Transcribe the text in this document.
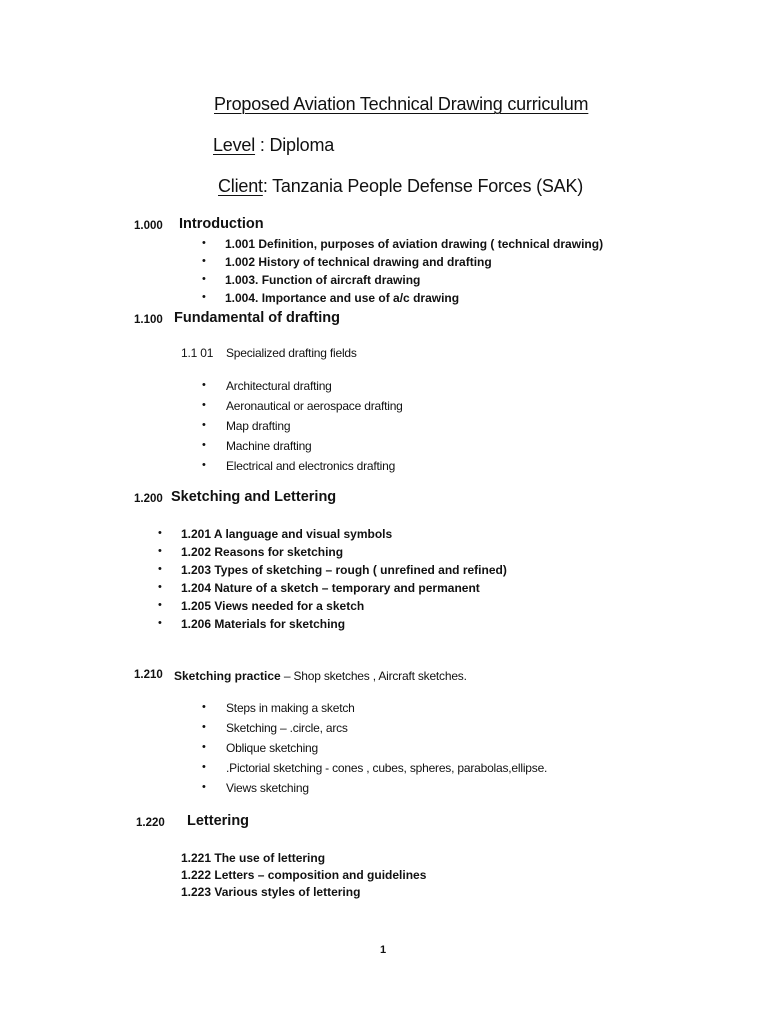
Proposed Aviation Technical Drawing curriculum
Level : Diploma
Client: Tanzania People Defense Forces (SAK)
1.000 Introduction
• 1.001 Definition, purposes of aviation drawing ( technical drawing)
• 1.002 History of technical drawing and drafting
• 1.003. Function of aircraft drawing
• 1.004. Importance and use of a/c drawing
1.100 Fundamental of drafting
1.1 01 Specialized drafting fields
• Architectural drafting
• Aeronautical or aerospace drafting
• Map drafting
• Machine drafting
• Electrical and electronics drafting
1.200 Sketching and Lettering
• 1.201 A language and visual symbols
• 1.202 Reasons for sketching
• 1.203 Types of sketching – rough ( unrefined and refined)
• 1.204 Nature of a sketch – temporary and permanent
• 1.205 Views needed for a sketch
• 1.206 Materials for sketching
1.210 Sketching practice – Shop sketches , Aircraft sketches.
• Steps in making a sketch
• Sketching – .circle, arcs
• Oblique sketching
• .Pictorial sketching - cones , cubes, spheres, parabolas,ellipse.
• Views sketching
1.220 Lettering
1.221 The use of lettering
1.222 Letters – composition and guidelines
1.223 Various styles of lettering
1
